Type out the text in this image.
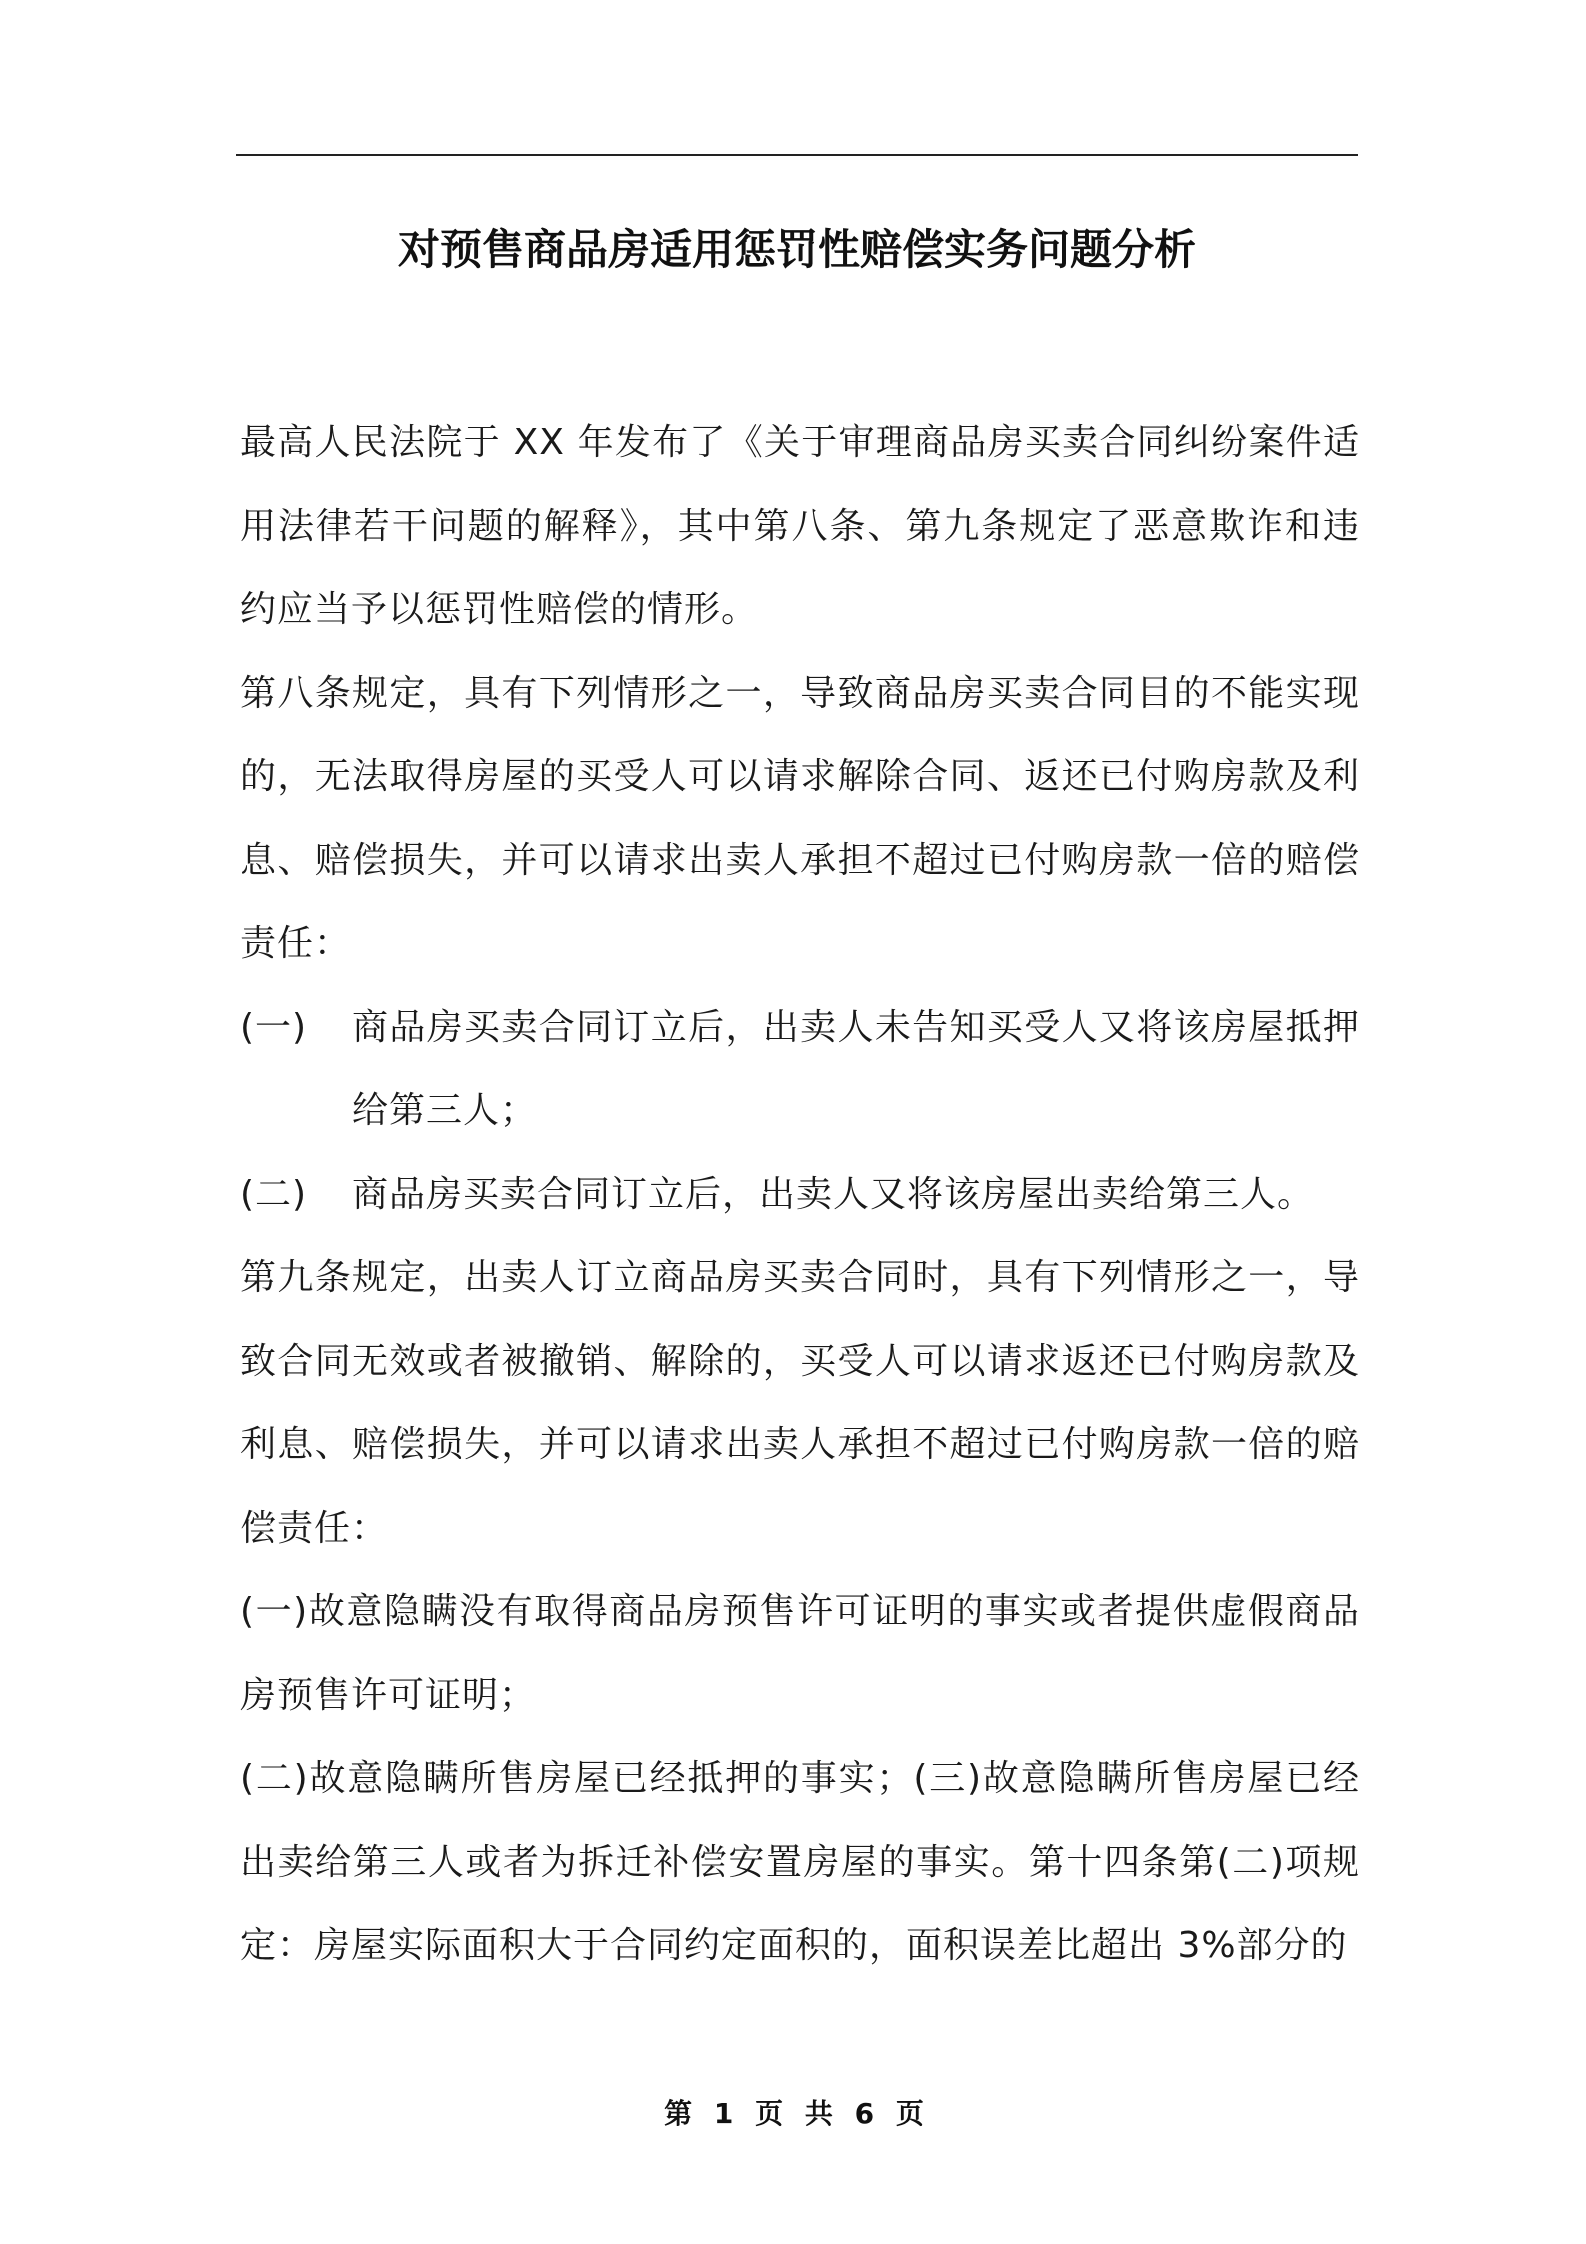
对预售商品房适用惩罚性赔偿实务问题分析

最高人民法院于 XX 年发布了《关于审理商品房买卖合同纠纷案件适用法律若干问题的解释》，其中第八条、第九条规定了恶意欺诈和违约应当予以惩罚性赔偿的情形。

第八条规定，具有下列情形之一，导致商品房买卖合同目的不能实现的，无法取得房屋的买受人可以请求解除合同、返还已付购房款及利息、赔偿损失，并可以请求出卖人承担不超过已付购房款一倍的赔偿责任：

(一)	商品房买卖合同订立后，出卖人未告知买受人又将该房屋抵押给第三人；
(二)	商品房买卖合同订立后，出卖人又将该房屋出卖给第三人。

第九条规定，出卖人订立商品房买卖合同时，具有下列情形之一，导致合同无效或者被撤销、解除的，买受人可以请求返还已付购房款及利息、赔偿损失，并可以请求出卖人承担不超过已付购房款一倍的赔偿责任：

(一)故意隐瞒没有取得商品房预售许可证明的事实或者提供虚假商品房预售许可证明；

(二)故意隐瞒所售房屋已经抵押的事实；(三)故意隐瞒所售房屋已经出卖给第三人或者为拆迁补偿安置房屋的事实。第十四条第(二)项规定：房屋实际面积大于合同约定面积的，面积误差比超出 3%部分的

第 1 页 共 6 页
